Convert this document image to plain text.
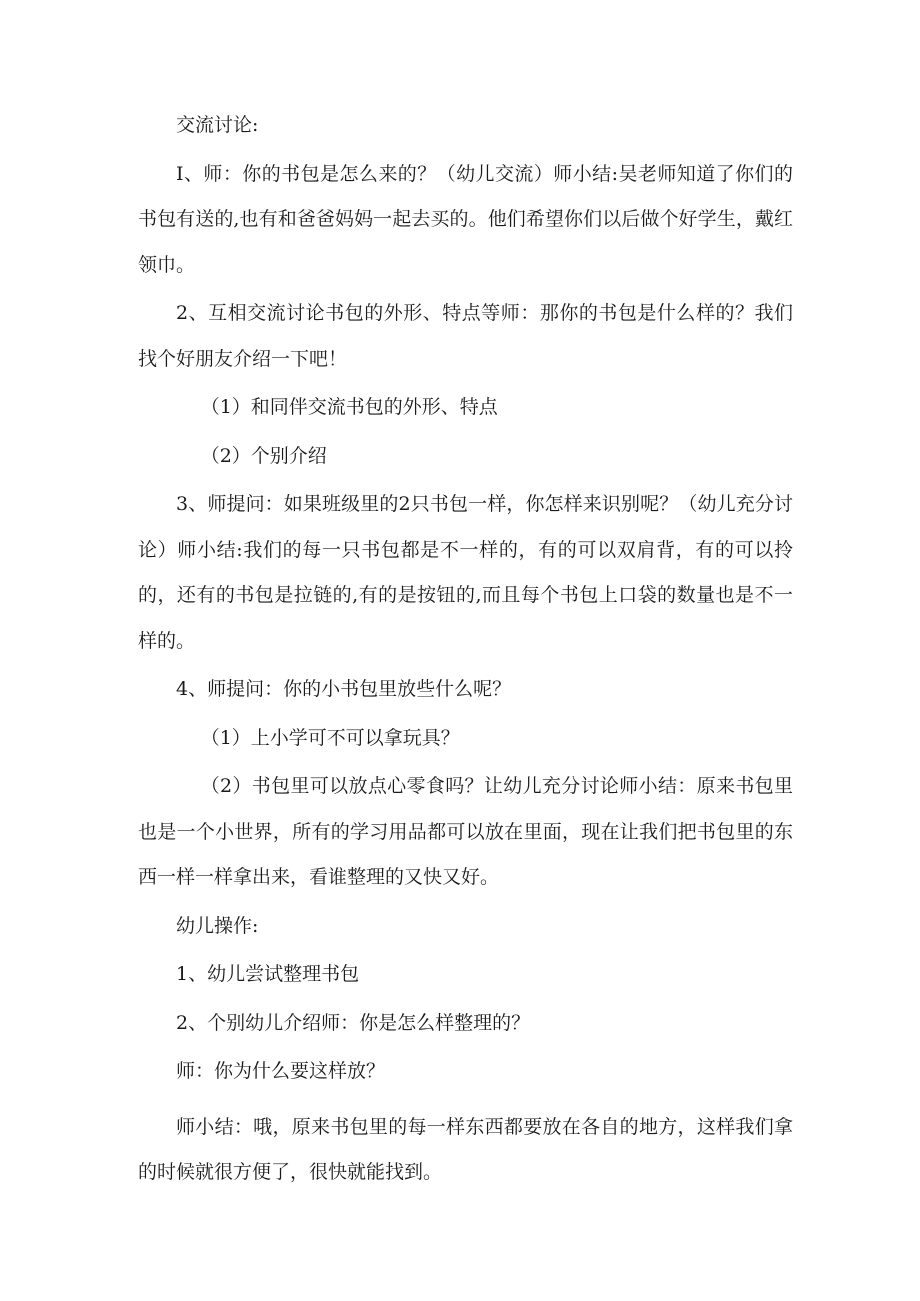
交流讨论:

I、师：你的书包是怎么来的？（幼儿交流）师小结:吴老师知道了你们的书包有送的,也有和爸爸妈妈一起去买的。他们希望你们以后做个好学生，戴红领巾。

2、互相交流讨论书包的外形、特点等师：那你的书包是什么样的？我们找个好朋友介绍一下吧！

（1）和同伴交流书包的外形、特点

（2）个别介绍

3、师提问：如果班级里的2只书包一样，你怎样来识别呢？（幼儿充分讨论）师小结:我们的每一只书包都是不一样的，有的可以双肩背，有的可以拎的，还有的书包是拉链的,有的是按钮的,而且每个书包上口袋的数量也是不一样的。

4、师提问：你的小书包里放些什么呢？

（1）上小学可不可以拿玩具？

（2）书包里可以放点心零食吗？让幼儿充分讨论师小结：原来书包里也是一个小世界，所有的学习用品都可以放在里面，现在让我们把书包里的东西一样一样拿出来，看谁整理的又快又好。

幼儿操作:

1、幼儿尝试整理书包

2、个别幼儿介绍师：你是怎么样整理的？

师：你为什么要这样放？

师小结：哦，原来书包里的每一样东西都要放在各自的地方，这样我们拿的时候就很方便了，很快就能找到。
